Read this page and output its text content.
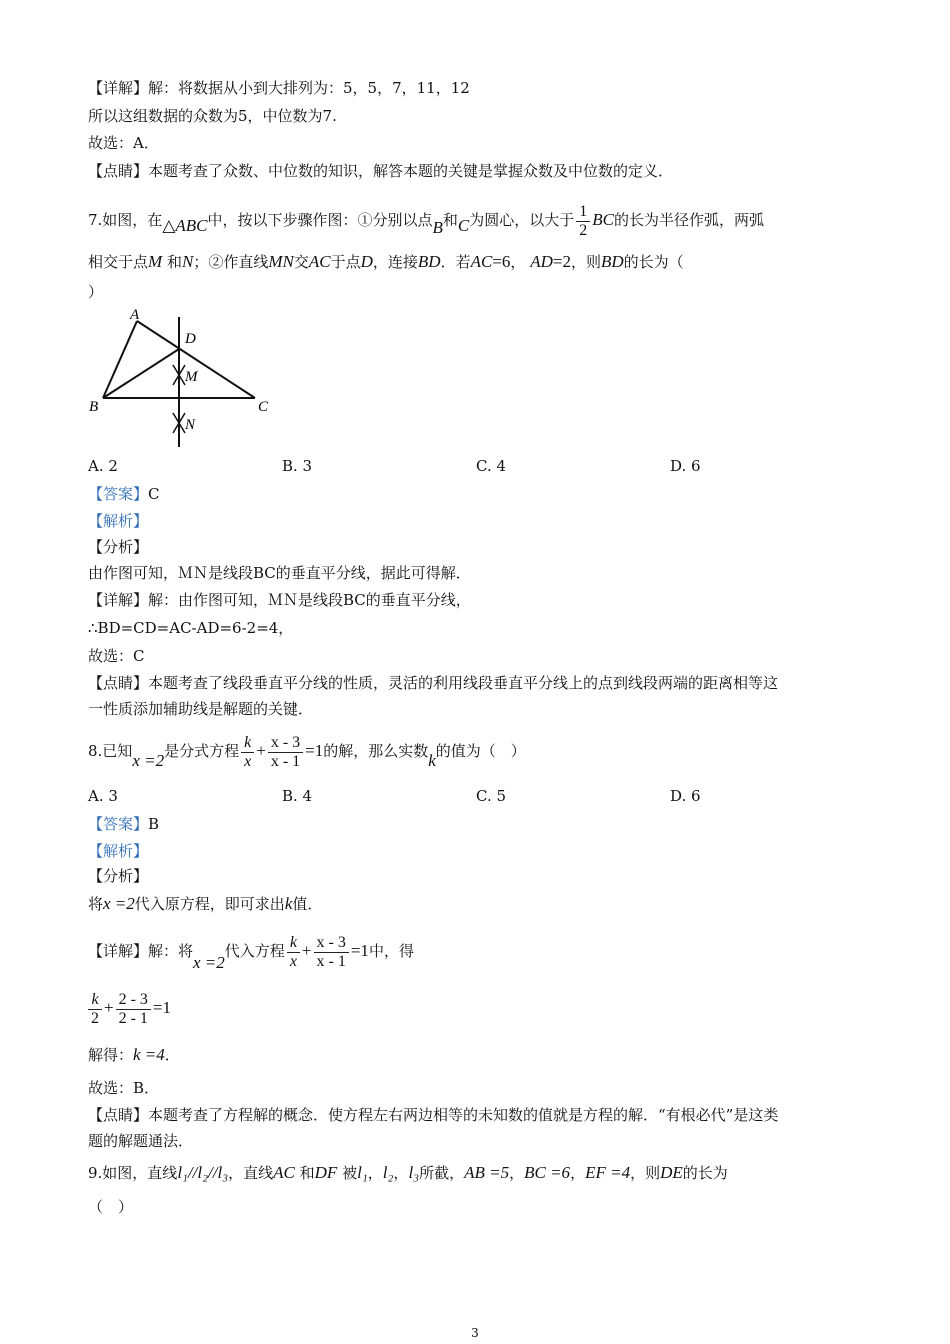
【详解】解：将数据从小到大排列为：5，5，7，11，12
所以这组数据的众数为5，中位数为7.
故选：A．
【点睛】本题考查了众数、中位数的知识，解答本题的关键是掌握众数及中位数的定义．
7.如图，在△ABC中，按以下步骤作图：①分别以点B和C为圆心，以大于 $\frac{1}{2}$ BC的长为半径作弧，两弧
相交于点M 和N；②作直线MN交AC于点D，连接BD．若AC=6， AD=2，则BD的长为（
）
A
B	C
D
M
N
A. 2	B. 3	C. 4	D. 6
【答案】C
【解析】
【分析】
由作图可知，ＭＮ是线段BC的垂直平分线，据此可得解．
【详解】解：由作图可知，ＭＮ是线段BC的垂直平分线，
∴BD=CD=AC-AD=6-2=4，
故选：C
【点睛】本题考查了线段垂直平分线的性质，灵活的利用线段垂直平分线上的点到线段两端的距离相等这
一性质添加辅助线是解题的关键．
8.已知x =2是分式方程 $\frac{k}{x} + \frac{x - 3}{x - 1} =1$的解，那么实数k的值为（　）
A. 3	B. 4	C. 5	D. 6
【答案】B
【解析】
【分析】
将x =2代入原方程，即可求出k值．
【详解】解：将x =2代入方程 $\frac{k}{x} + \frac{x - 3}{x - 1} =1$中，得
$\frac{k}{2} + \frac{2 - 3}{2 - 1} =1$
解得：k =4．
故选：B．
【点睛】本题考查了方程解的概念．使方程左右两边相等的未知数的值就是方程的解．“有根必代”是这类
题的解题通法．
9.如图，直线l₁//l₂//l₃，直线AC 和DF 被l₁，l₂，l₃所截，AB =5，BC =6，EF =4，则DE的长为
（　）
3
